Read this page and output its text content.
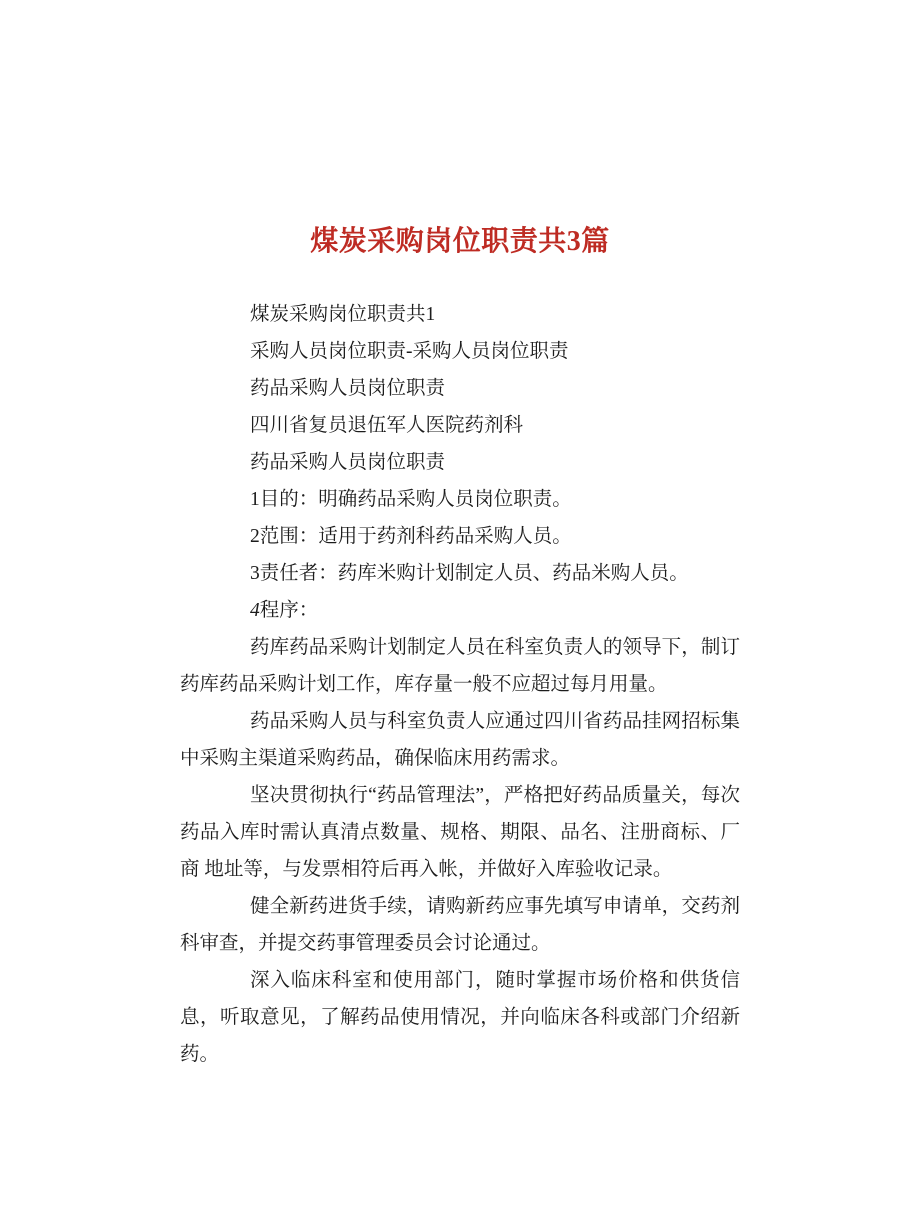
煤炭采购岗位职责共3篇

煤炭采购岗位职责共1

采购人员岗位职责-采购人员岗位职责

药品采购人员岗位职责

四川省复员退伍军人医院药剂科

药品采购人员岗位职责

1目的：明确药品采购人员岗位职责。

2范围：适用于药剂科药品采购人员。

3责任者：药库米购计划制定人员、药品米购人员。

4程序：

药库药品采购计划制定人员在科室负责人的领导下，制订药库药品采购计划工作，库存量一般不应超过每月用量。

药品采购人员与科室负责人应通过四川省药品挂网招标集　中采购主渠道采购药品，确保临床用药需求。

坚决贯彻执行“药品管理法”，严格把好药品质量关，每次药品入库时需认真清点数量、规格、期限、品名、注册商标、厂商 地址等，与发票相符后再入帐，并做好入库验收记录。

健全新药进货手续，请购新药应事先填写申请单，交药剂科审查，并提交药事管理委员会讨论通过。

深入临床科室和使用部门，随时掌握市场价格和供货信息，听取意见，了解药品使用情况，并向临床各科或部门介绍新药。
